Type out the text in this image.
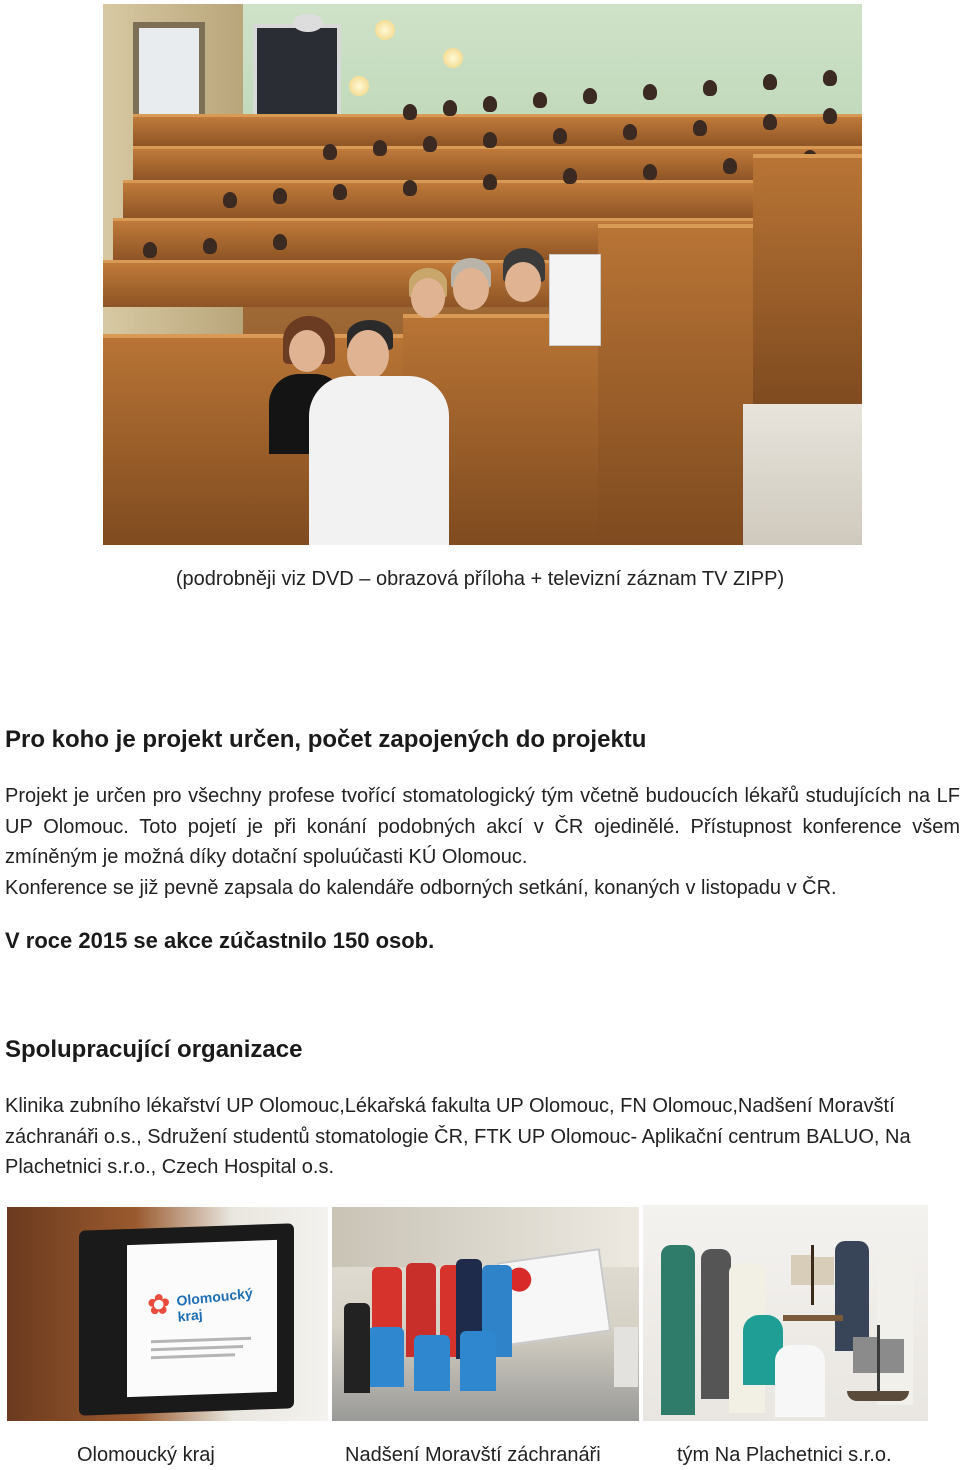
(podrobněji viz DVD – obrazová příloha + televizní záznam TV ZIPP)
Pro koho je projekt určen, počet zapojených do projektu
Projekt je určen pro všechny profese tvořící stomatologický tým včetně budoucích lékařů studujících na LF UP Olomouc. Toto pojetí je při konání podobných akcí v ČR ojedinělé. Přístupnost konference všem zmíněným je možná díky dotační spoluúčasti KÚ Olomouc.
Konference se již pevně zapsala do kalendáře odborných setkání, konaných v listopadu v ČR.
V roce 2015 se akce zúčastnilo 150 osob.
Spolupracující organizace
Klinika zubního lékařství UP Olomouc,Lékařská fakulta UP Olomouc, FN Olomouc,Nadšení Moravští záchranáři o.s., Sdružení studentů stomatologie ČR, FTK UP Olomouc- Aplikační centrum BALUO, Na Plachetnici s.r.o., Czech Hospital o.s.
✿ Olomoucký kraj
Olomoucký kraj	Nadšení Moravští záchranáři	tým Na Plachetnici s.r.o.
